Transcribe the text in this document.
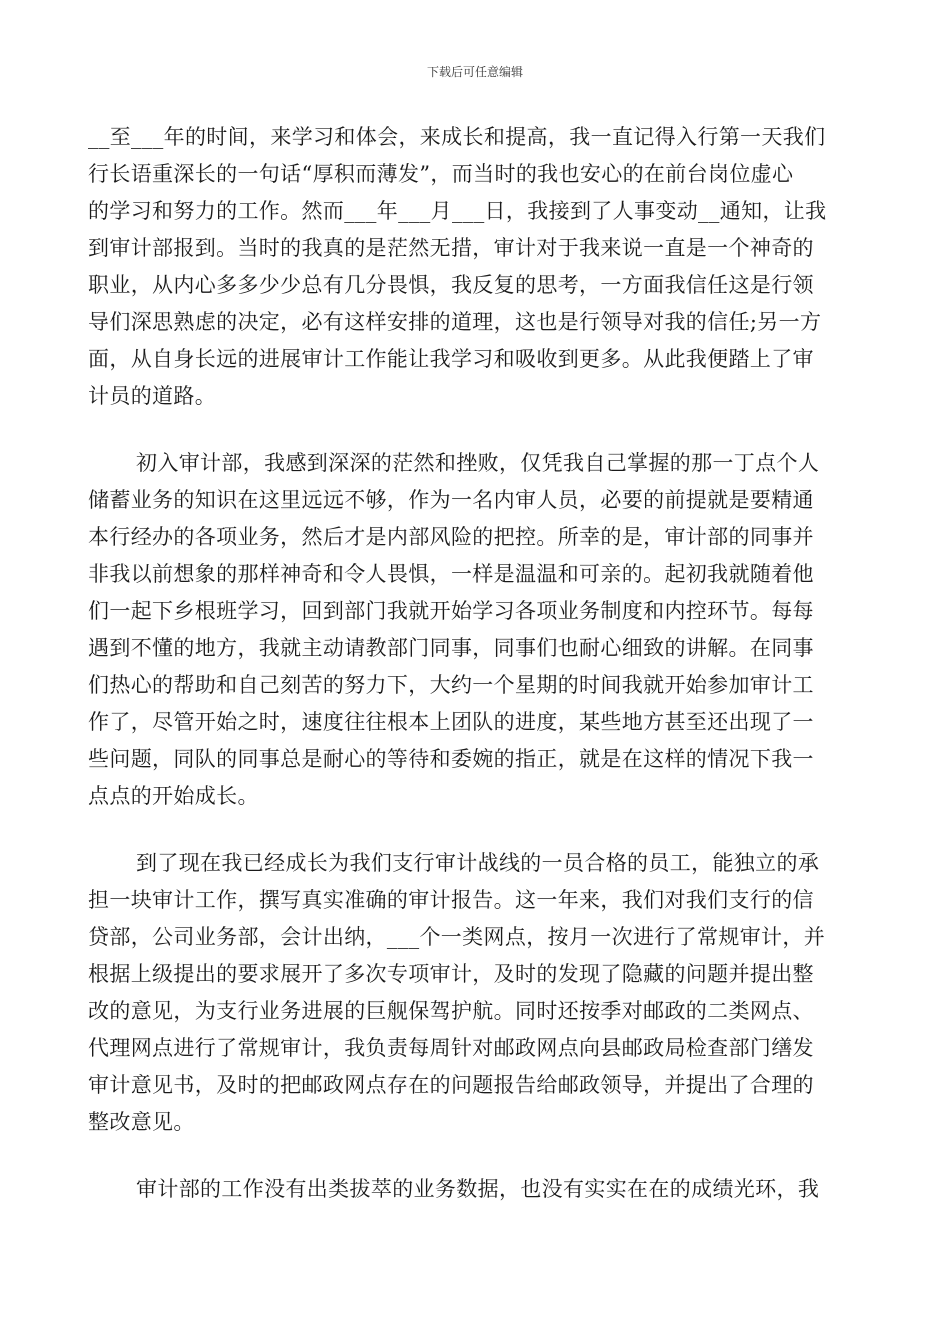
下载后可任意编辑
__至___年的时间，来学习和体会，来成长和提高，我一直记得入行第一天我们
行长语重深长的一句话“厚积而薄发”，而当时的我也安心的在前台岗位虚心
的学习和努力的工作。然而___年___月___日，我接到了人事变动__通知，让我
到审计部报到。当时的我真的是茫然无措，审计对于我来说一直是一个神奇的
职业，从内心多多少少总有几分畏惧，我反复的思考，一方面我信任这是行领
导们深思熟虑的决定，必有这样安排的道理，这也是行领导对我的信任;另一方
面，从自身长远的进展审计工作能让我学习和吸收到更多。从此我便踏上了审
计员的道路。
初入审计部，我感到深深的茫然和挫败，仅凭我自己掌握的那一丁点个人
储蓄业务的知识在这里远远不够，作为一名内审人员，必要的前提就是要精通
本行经办的各项业务，然后才是内部风险的把控。所幸的是，审计部的同事并
非我以前想象的那样神奇和令人畏惧，一样是温温和可亲的。起初我就随着他
们一起下乡根班学习，回到部门我就开始学习各项业务制度和内控环节。每每
遇到不懂的地方，我就主动请教部门同事，同事们也耐心细致的讲解。在同事
们热心的帮助和自己刻苦的努力下，大约一个星期的时间我就开始参加审计工
作了，尽管开始之时，速度往往根本上团队的进度，某些地方甚至还出现了一
些问题，同队的同事总是耐心的等待和委婉的指正，就是在这样的情况下我一
点点的开始成长。
到了现在我已经成长为我们支行审计战线的一员合格的员工，能独立的承
担一块审计工作，撰写真实准确的审计报告。这一年来，我们对我们支行的信
贷部，公司业务部，会计出纳，___个一类网点，按月一次进行了常规审计，并
根据上级提出的要求展开了多次专项审计，及时的发现了隐藏的问题并提出整
改的意见，为支行业务进展的巨舰保驾护航。同时还按季对邮政的二类网点、
代理网点进行了常规审计，我负责每周针对邮政网点向县邮政局检查部门缮发
审计意见书，及时的把邮政网点存在的问题报告给邮政领导，并提出了合理的
整改意见。
审计部的工作没有出类拔萃的业务数据，也没有实实在在的成绩光环，我
